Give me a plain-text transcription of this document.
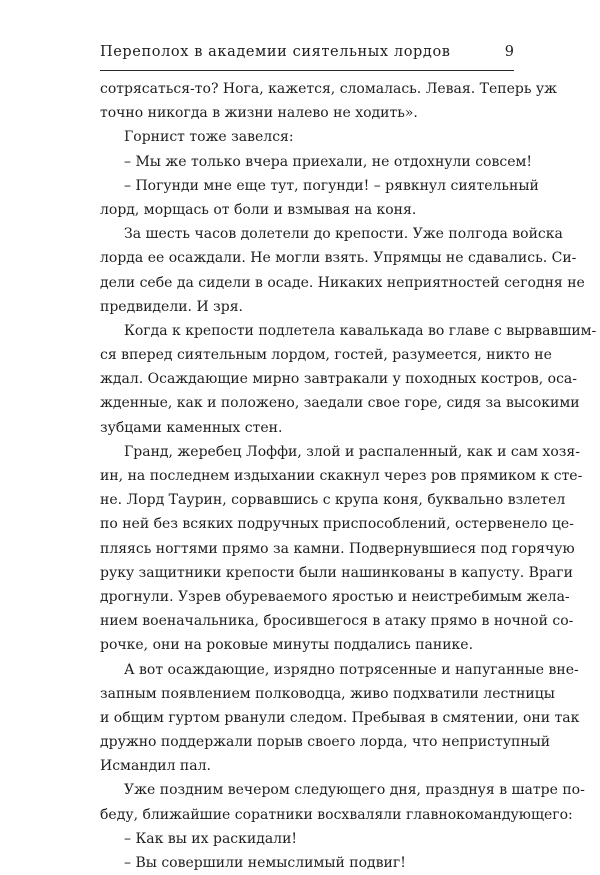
Переполох в академии сиятельных лордов	9
сотрясаться-то? Нога, кажется, сломалась. Левая. Теперь уж
точно никогда в жизни налево не ходить».
Горнист тоже завелся:
– Мы же только вчера приехали, не отдохнули совсем!
– Погунди мне еще тут, погунди! – рявкнул сиятельный
лорд, морщась от боли и взмывая на коня.
За шесть часов долетели до крепости. Уже полгода войска
лорда ее осаждали. Не могли взять. Упрямцы не сдавались. Си-
дели себе да сидели в осаде. Никаких неприятностей сегодня не
предвидели. И зря.
Когда к крепости подлетела кавалькада во главе с вырвавшим-
ся вперед сиятельным лордом, гостей, разумеется, никто не
ждал. Осаждающие мирно завтракали у походных костров, оса-
жденные, как и положено, заедали свое горе, сидя за высокими
зубцами каменных стен.
Гранд, жеребец Лоффи, злой и распаленный, как и сам хозя-
ин, на последнем издыхании скакнул через ров прямиком к сте-
не. Лорд Таурин, сорвавшись с крупа коня, буквально взлетел
по ней без всяких подручных приспособлений, остервенело це-
пляясь ногтями прямо за камни. Подвернувшиеся под горячую
руку защитники крепости были нашинкованы в капусту. Враги
дрогнули. Узрев обуреваемого яростью и неистребимым жела-
нием военачальника, бросившегося в атаку прямо в ночной со-
рочке, они на роковые минуты поддались панике.
А вот осаждающие, изрядно потрясенные и напуганные вне-
запным появлением полководца, живо подхватили лестницы
и общим гуртом рванули следом. Пребывая в смятении, они так
дружно поддержали порыв своего лорда, что неприступный
Исмандил пал.
Уже поздним вечером следующего дня, празднуя в шатре по-
беду, ближайшие соратники восхваляли главнокомандующего:
– Как вы их раскидали!
– Вы совершили немыслимый подвиг!
